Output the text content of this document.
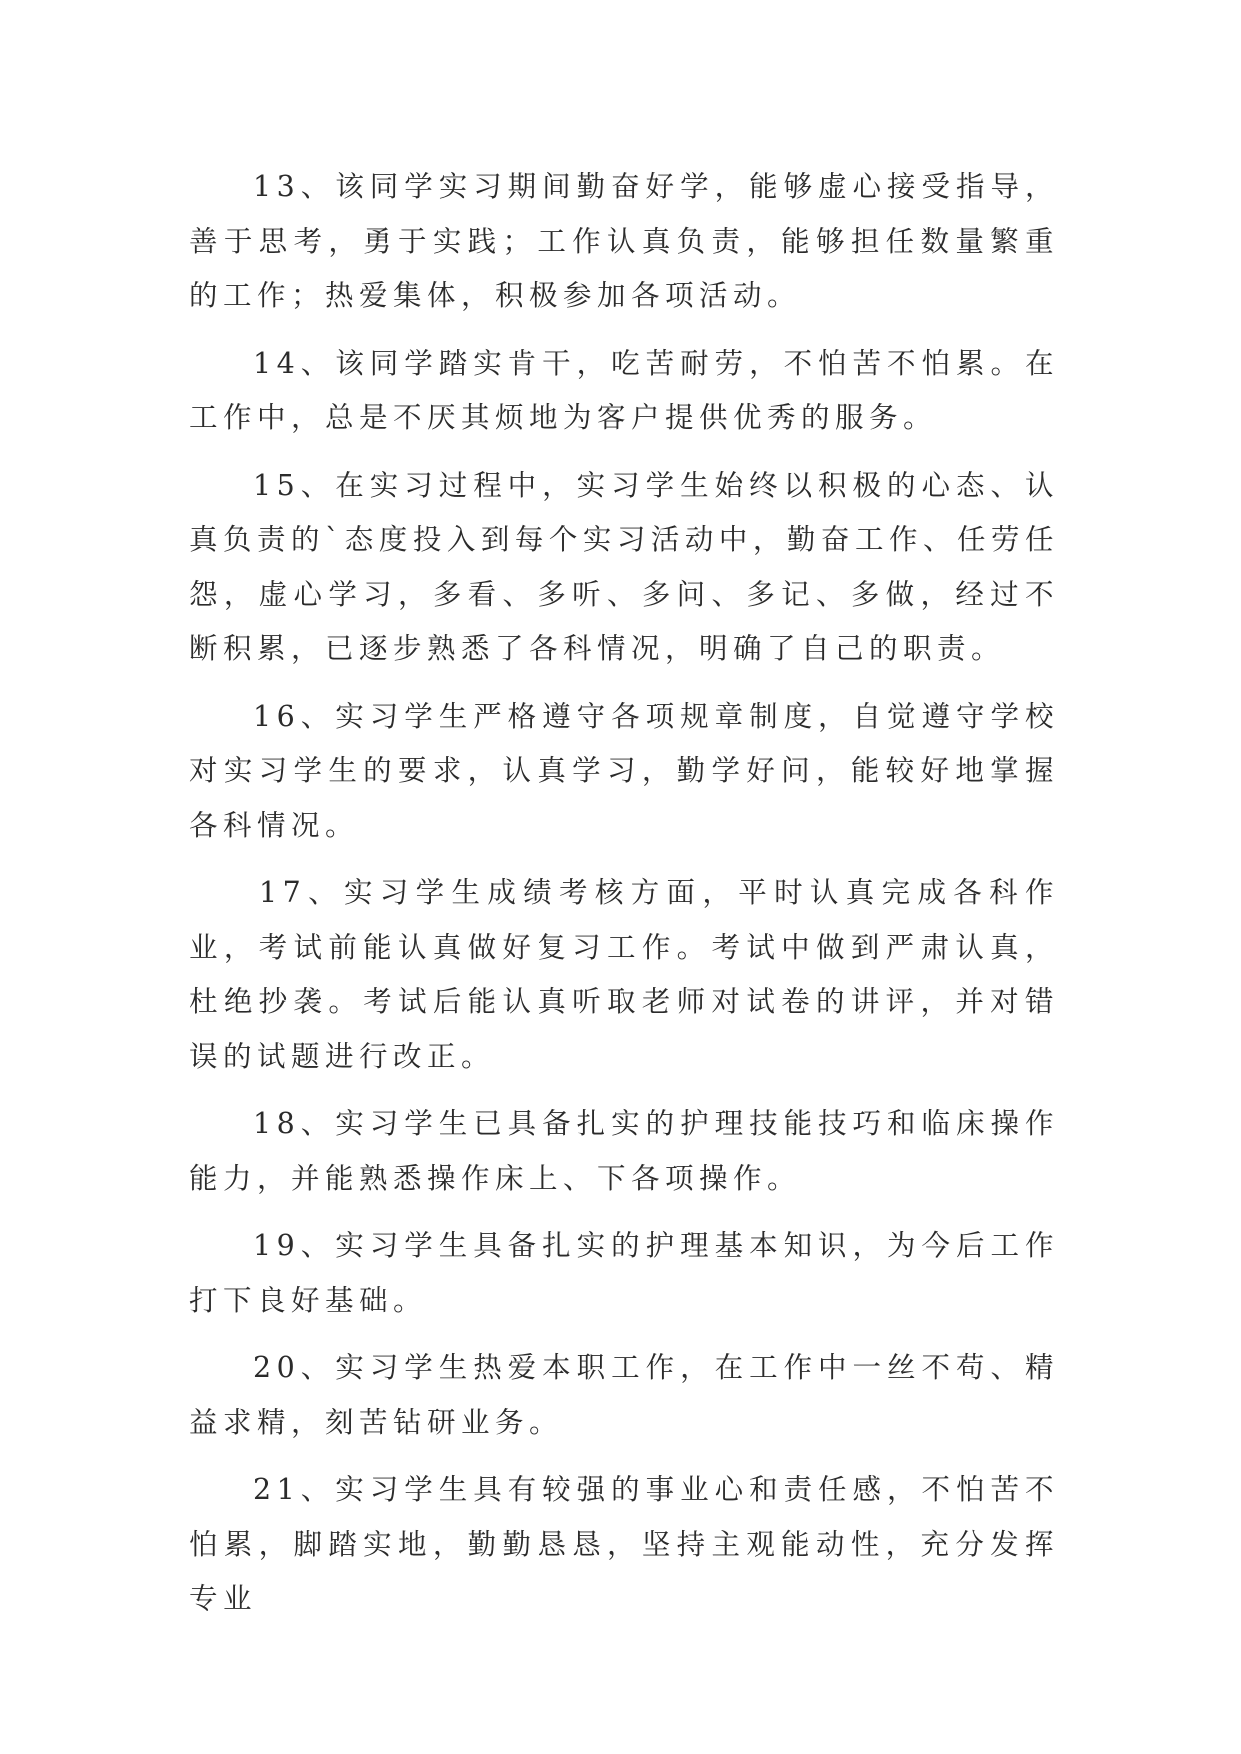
13、该同学实习期间勤奋好学，能够虚心接受指导，善于思考，勇于实践；工作认真负责，能够担任数量繁重的工作；热爱集体，积极参加各项活动。

14、该同学踏实肯干，吃苦耐劳，不怕苦不怕累。在工作中，总是不厌其烦地为客户提供优秀的服务。

15、在实习过程中，实习学生始终以积极的心态、认真负责的`态度投入到每个实习活动中，勤奋工作、任劳任怨，虚心学习，多看、多听、多问、多记、多做，经过不断积累，已逐步熟悉了各科情况，明确了自己的职责。

16、实习学生严格遵守各项规章制度，自觉遵守学校对实习学生的要求，认真学习，勤学好问，能较好地掌握各科情况。

17、实习学生成绩考核方面，平时认真完成各科作业，考试前能认真做好复习工作。考试中做到严肃认真，杜绝抄袭。考试后能认真听取老师对试卷的讲评，并对错误的试题进行改正。

18、实习学生已具备扎实的护理技能技巧和临床操作能力，并能熟悉操作床上、下各项操作。

19、实习学生具备扎实的护理基本知识，为今后工作打下良好基础。

20、实习学生热爱本职工作，在工作中一丝不苟、精益求精，刻苦钻研业务。

21、实习学生具有较强的事业心和责任感，不怕苦不怕累，脚踏实地，勤勤恳恳，坚持主观能动性，充分发挥专业
